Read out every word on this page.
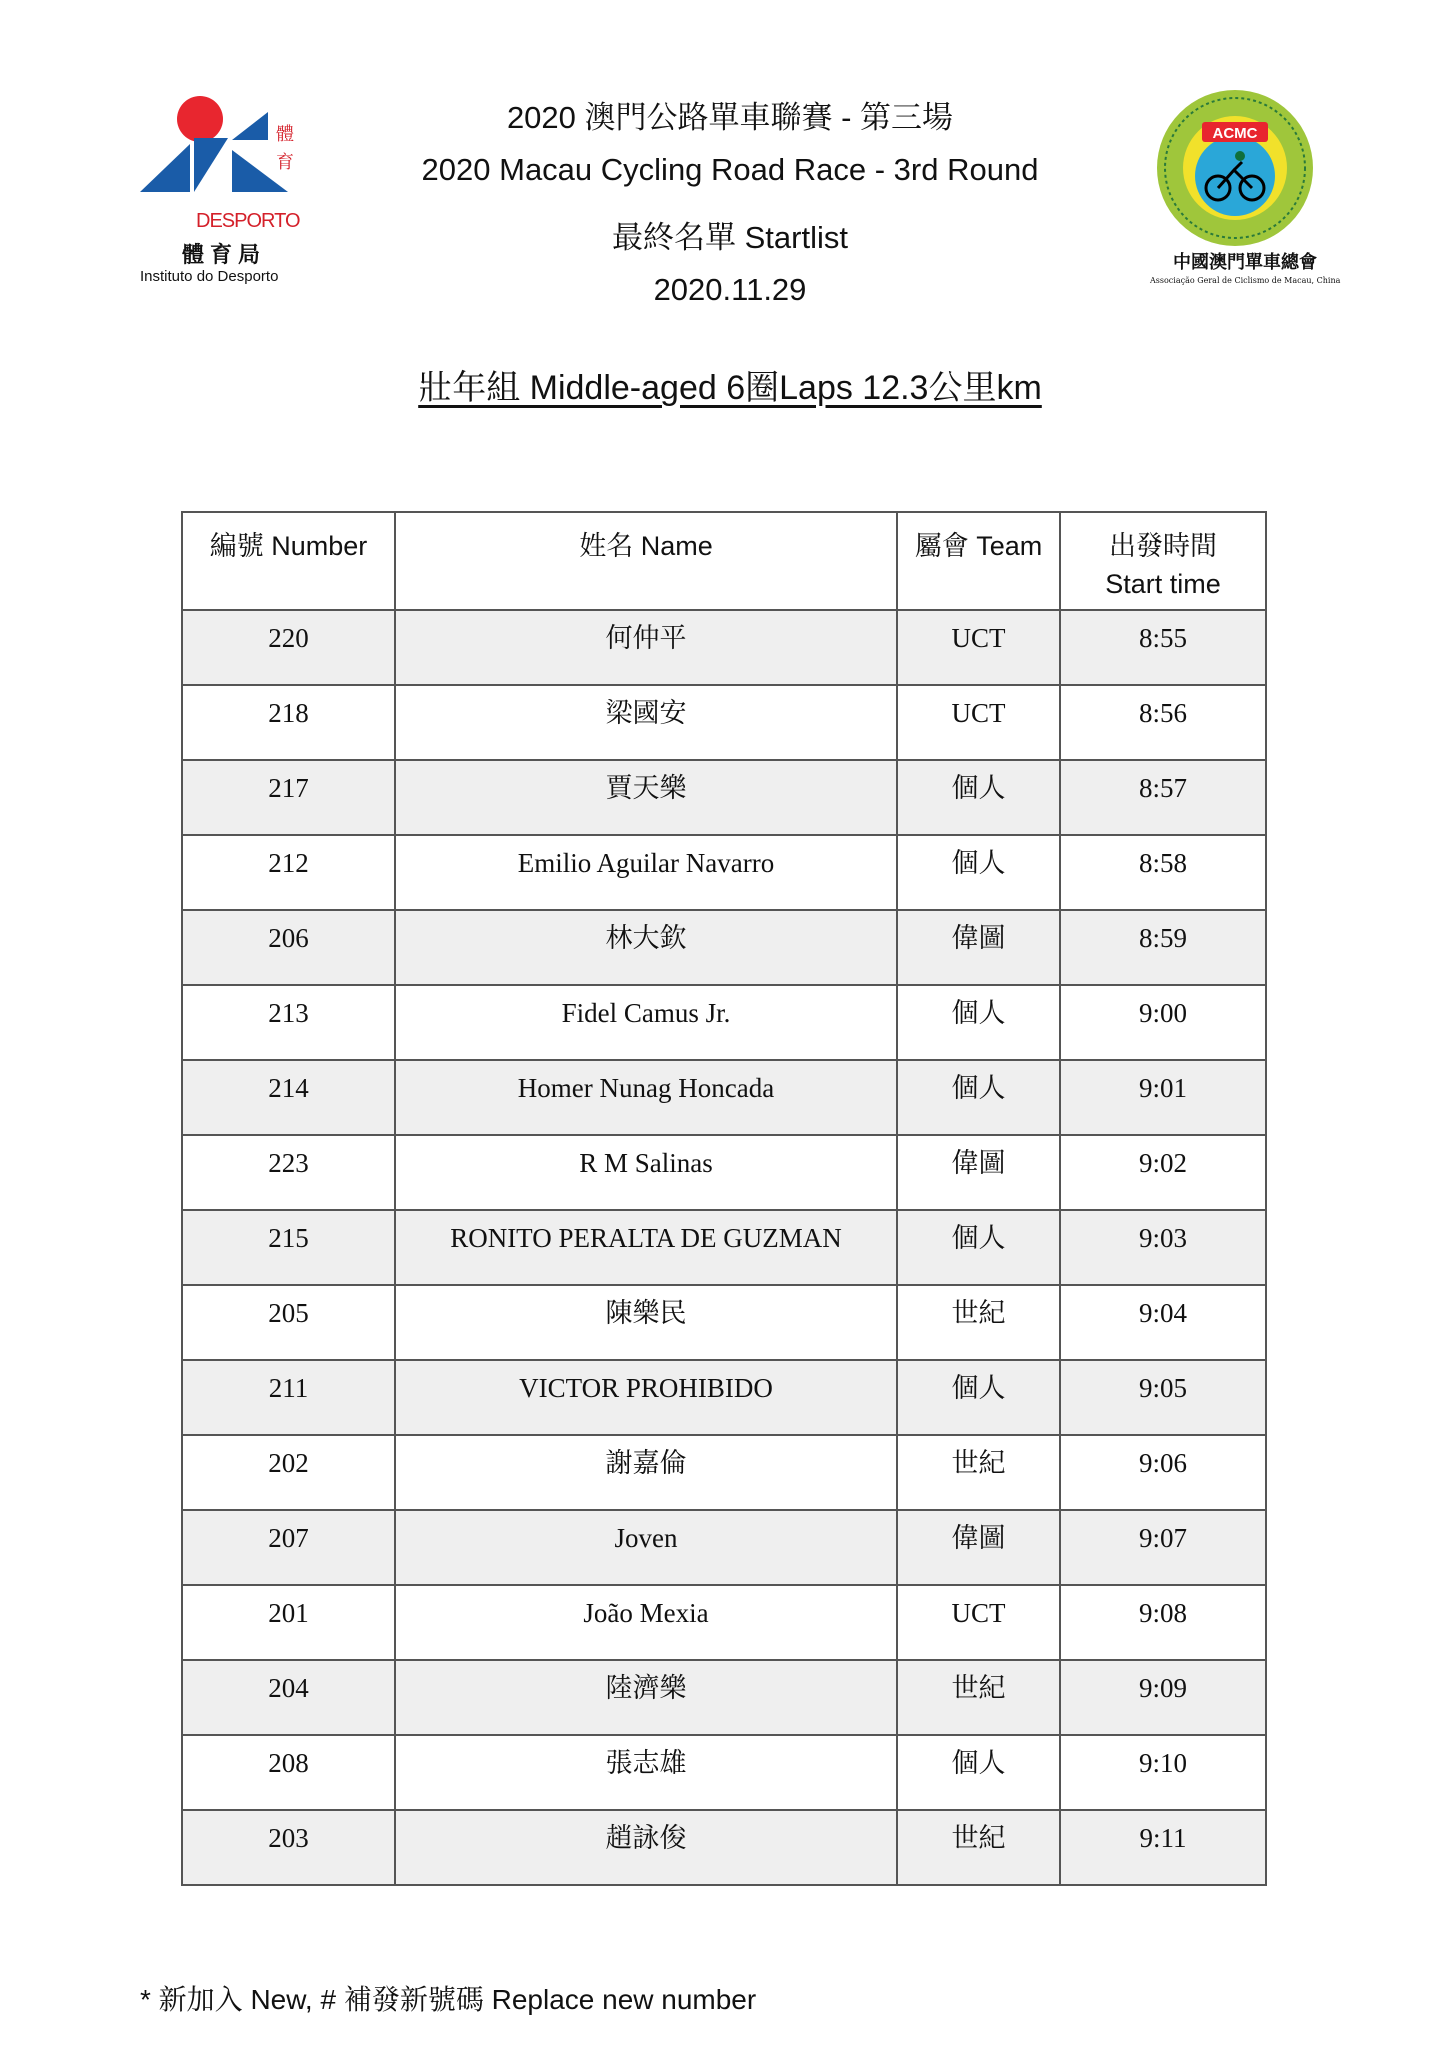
體
育
DESPORTO
體育局
Instituto do Desporto
ACMC
中國澳門單車總會
Associação Geral de Ciclismo de Macau, China
2020 澳門公路單車聯賽 - 第三場
2020 Macau Cycling Road Race - 3rd Round
最終名單 Startlist
2020.11.29
壯年組 Middle-aged 6圈Laps 12.3公里km
編號 Number	姓名 Name	屬會 Team	出發時間
Start time

220	何仲平	UCT	8:55
218	梁國安	UCT	8:56
217	賈天樂	個人	8:57
212	Emilio Aguilar Navarro	個人	8:58
206	林大欽	偉圖	8:59
213	Fidel Camus Jr.	個人	9:00
214	Homer Nunag Honcada	個人	9:01
223	R M Salinas	偉圖	9:02
215	RONITO PERALTA DE GUZMAN	個人	9:03
205	陳樂民	世紀	9:04
211	VICTOR PROHIBIDO	個人	9:05
202	謝嘉倫	世紀	9:06
207	Joven	偉圖	9:07
201	João Mexia	UCT	9:08
204	陸濟樂	世紀	9:09
208	張志雄	個人	9:10
203	趙詠俊	世紀	9:11
* 新加入 New, # 補發新號碼 Replace new number
